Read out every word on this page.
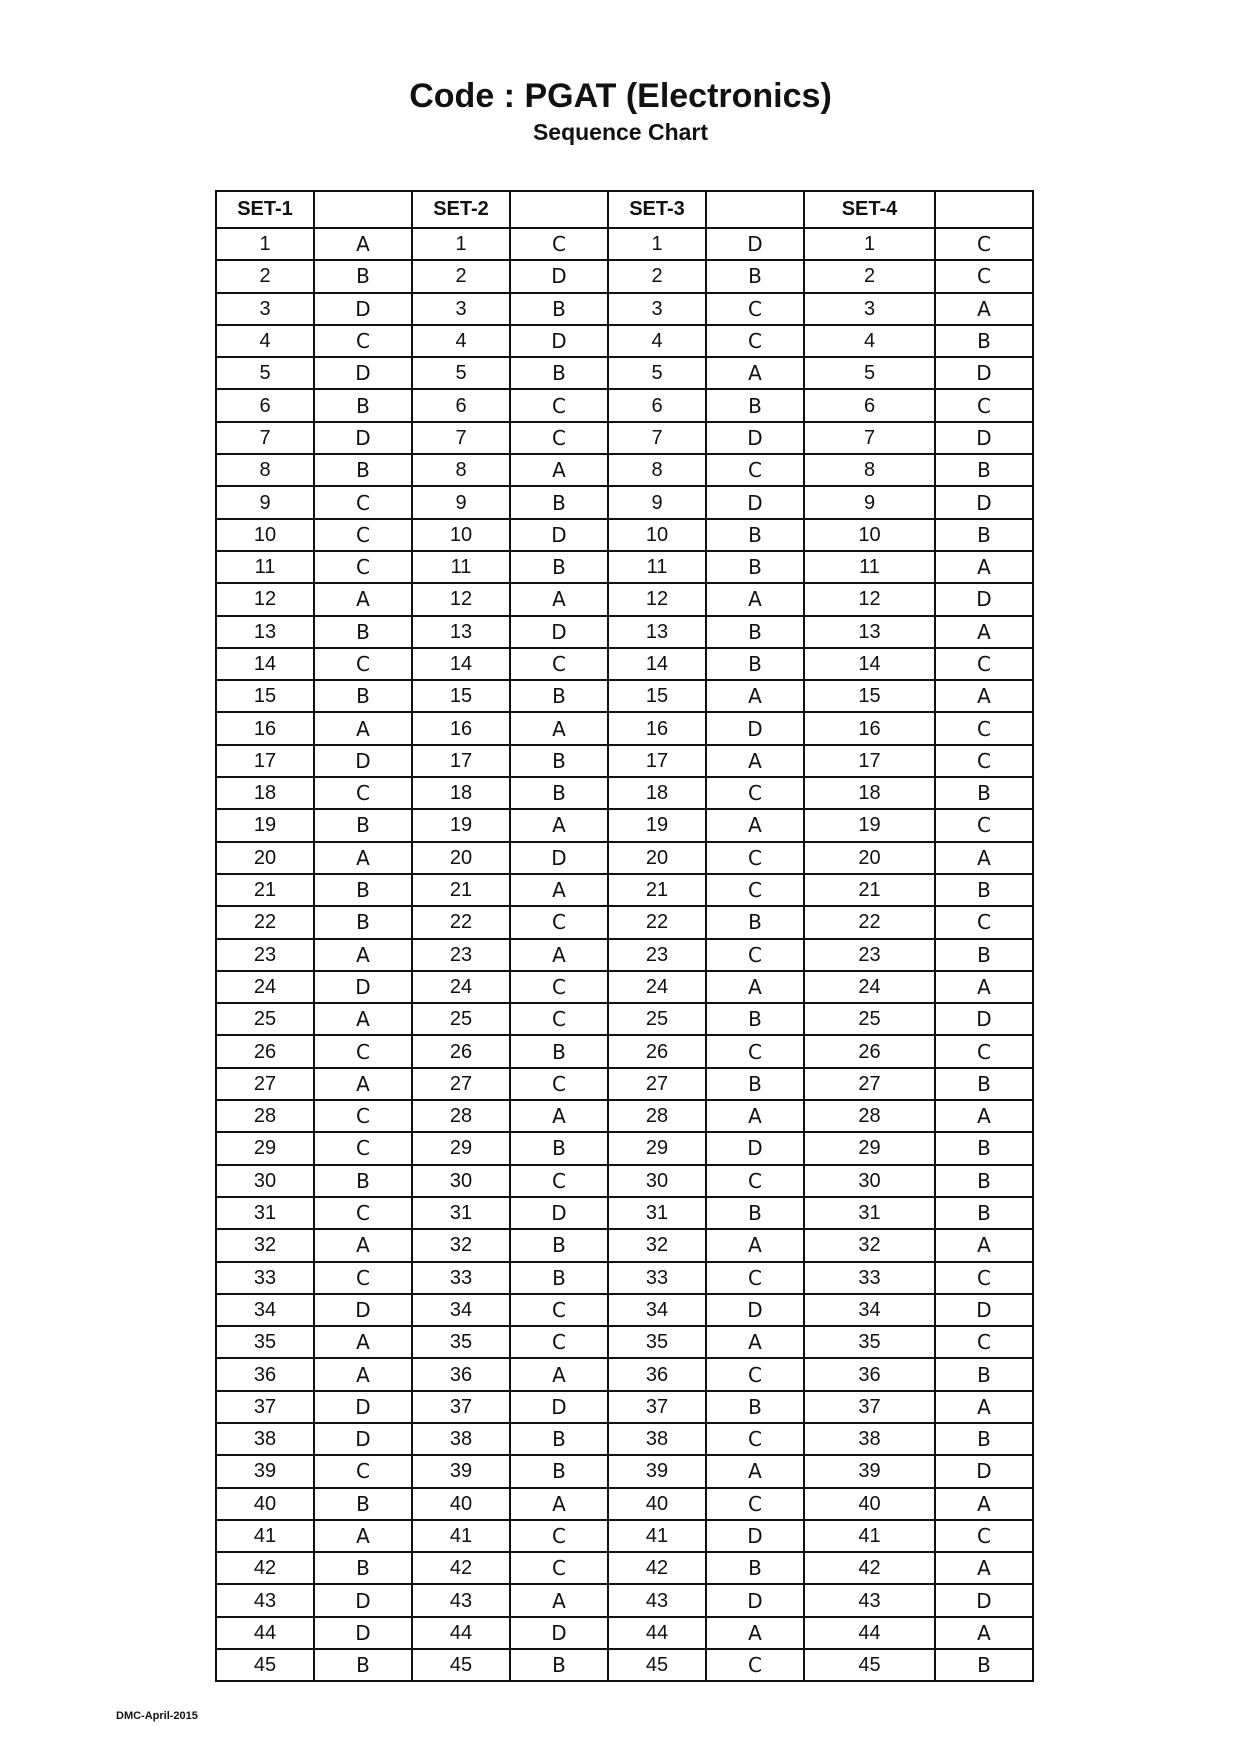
Code : PGAT (Electronics)
Sequence Chart
SET-1		SET-2		SET-3		SET-4	
1	A	1	C	1	D	1	C
2	B	2	D	2	B	2	C
3	D	3	B	3	C	3	A
4	C	4	D	4	C	4	B
5	D	5	B	5	A	5	D
6	B	6	C	6	B	6	C
7	D	7	C	7	D	7	D
8	B	8	A	8	C	8	B
9	C	9	B	9	D	9	D
10	C	10	D	10	B	10	B
11	C	11	B	11	B	11	A
12	A	12	A	12	A	12	D
13	B	13	D	13	B	13	A
14	C	14	C	14	B	14	C
15	B	15	B	15	A	15	A
16	A	16	A	16	D	16	C
17	D	17	B	17	A	17	C
18	C	18	B	18	C	18	B
19	B	19	A	19	A	19	C
20	A	20	D	20	C	20	A
21	B	21	A	21	C	21	B
22	B	22	C	22	B	22	C
23	A	23	A	23	C	23	B
24	D	24	C	24	A	24	A
25	A	25	C	25	B	25	D
26	C	26	B	26	C	26	C
27	A	27	C	27	B	27	B
28	C	28	A	28	A	28	A
29	C	29	B	29	D	29	B
30	B	30	C	30	C	30	B
31	C	31	D	31	B	31	B
32	A	32	B	32	A	32	A
33	C	33	B	33	C	33	C
34	D	34	C	34	D	34	D
35	A	35	C	35	A	35	C
36	A	36	A	36	C	36	B
37	D	37	D	37	B	37	A
38	D	38	B	38	C	38	B
39	C	39	B	39	A	39	D
40	B	40	A	40	C	40	A
41	A	41	C	41	D	41	C
42	B	42	C	42	B	42	A
43	D	43	A	43	D	43	D
44	D	44	D	44	A	44	A
45	B	45	B	45	C	45	B
DMC-April-2015
